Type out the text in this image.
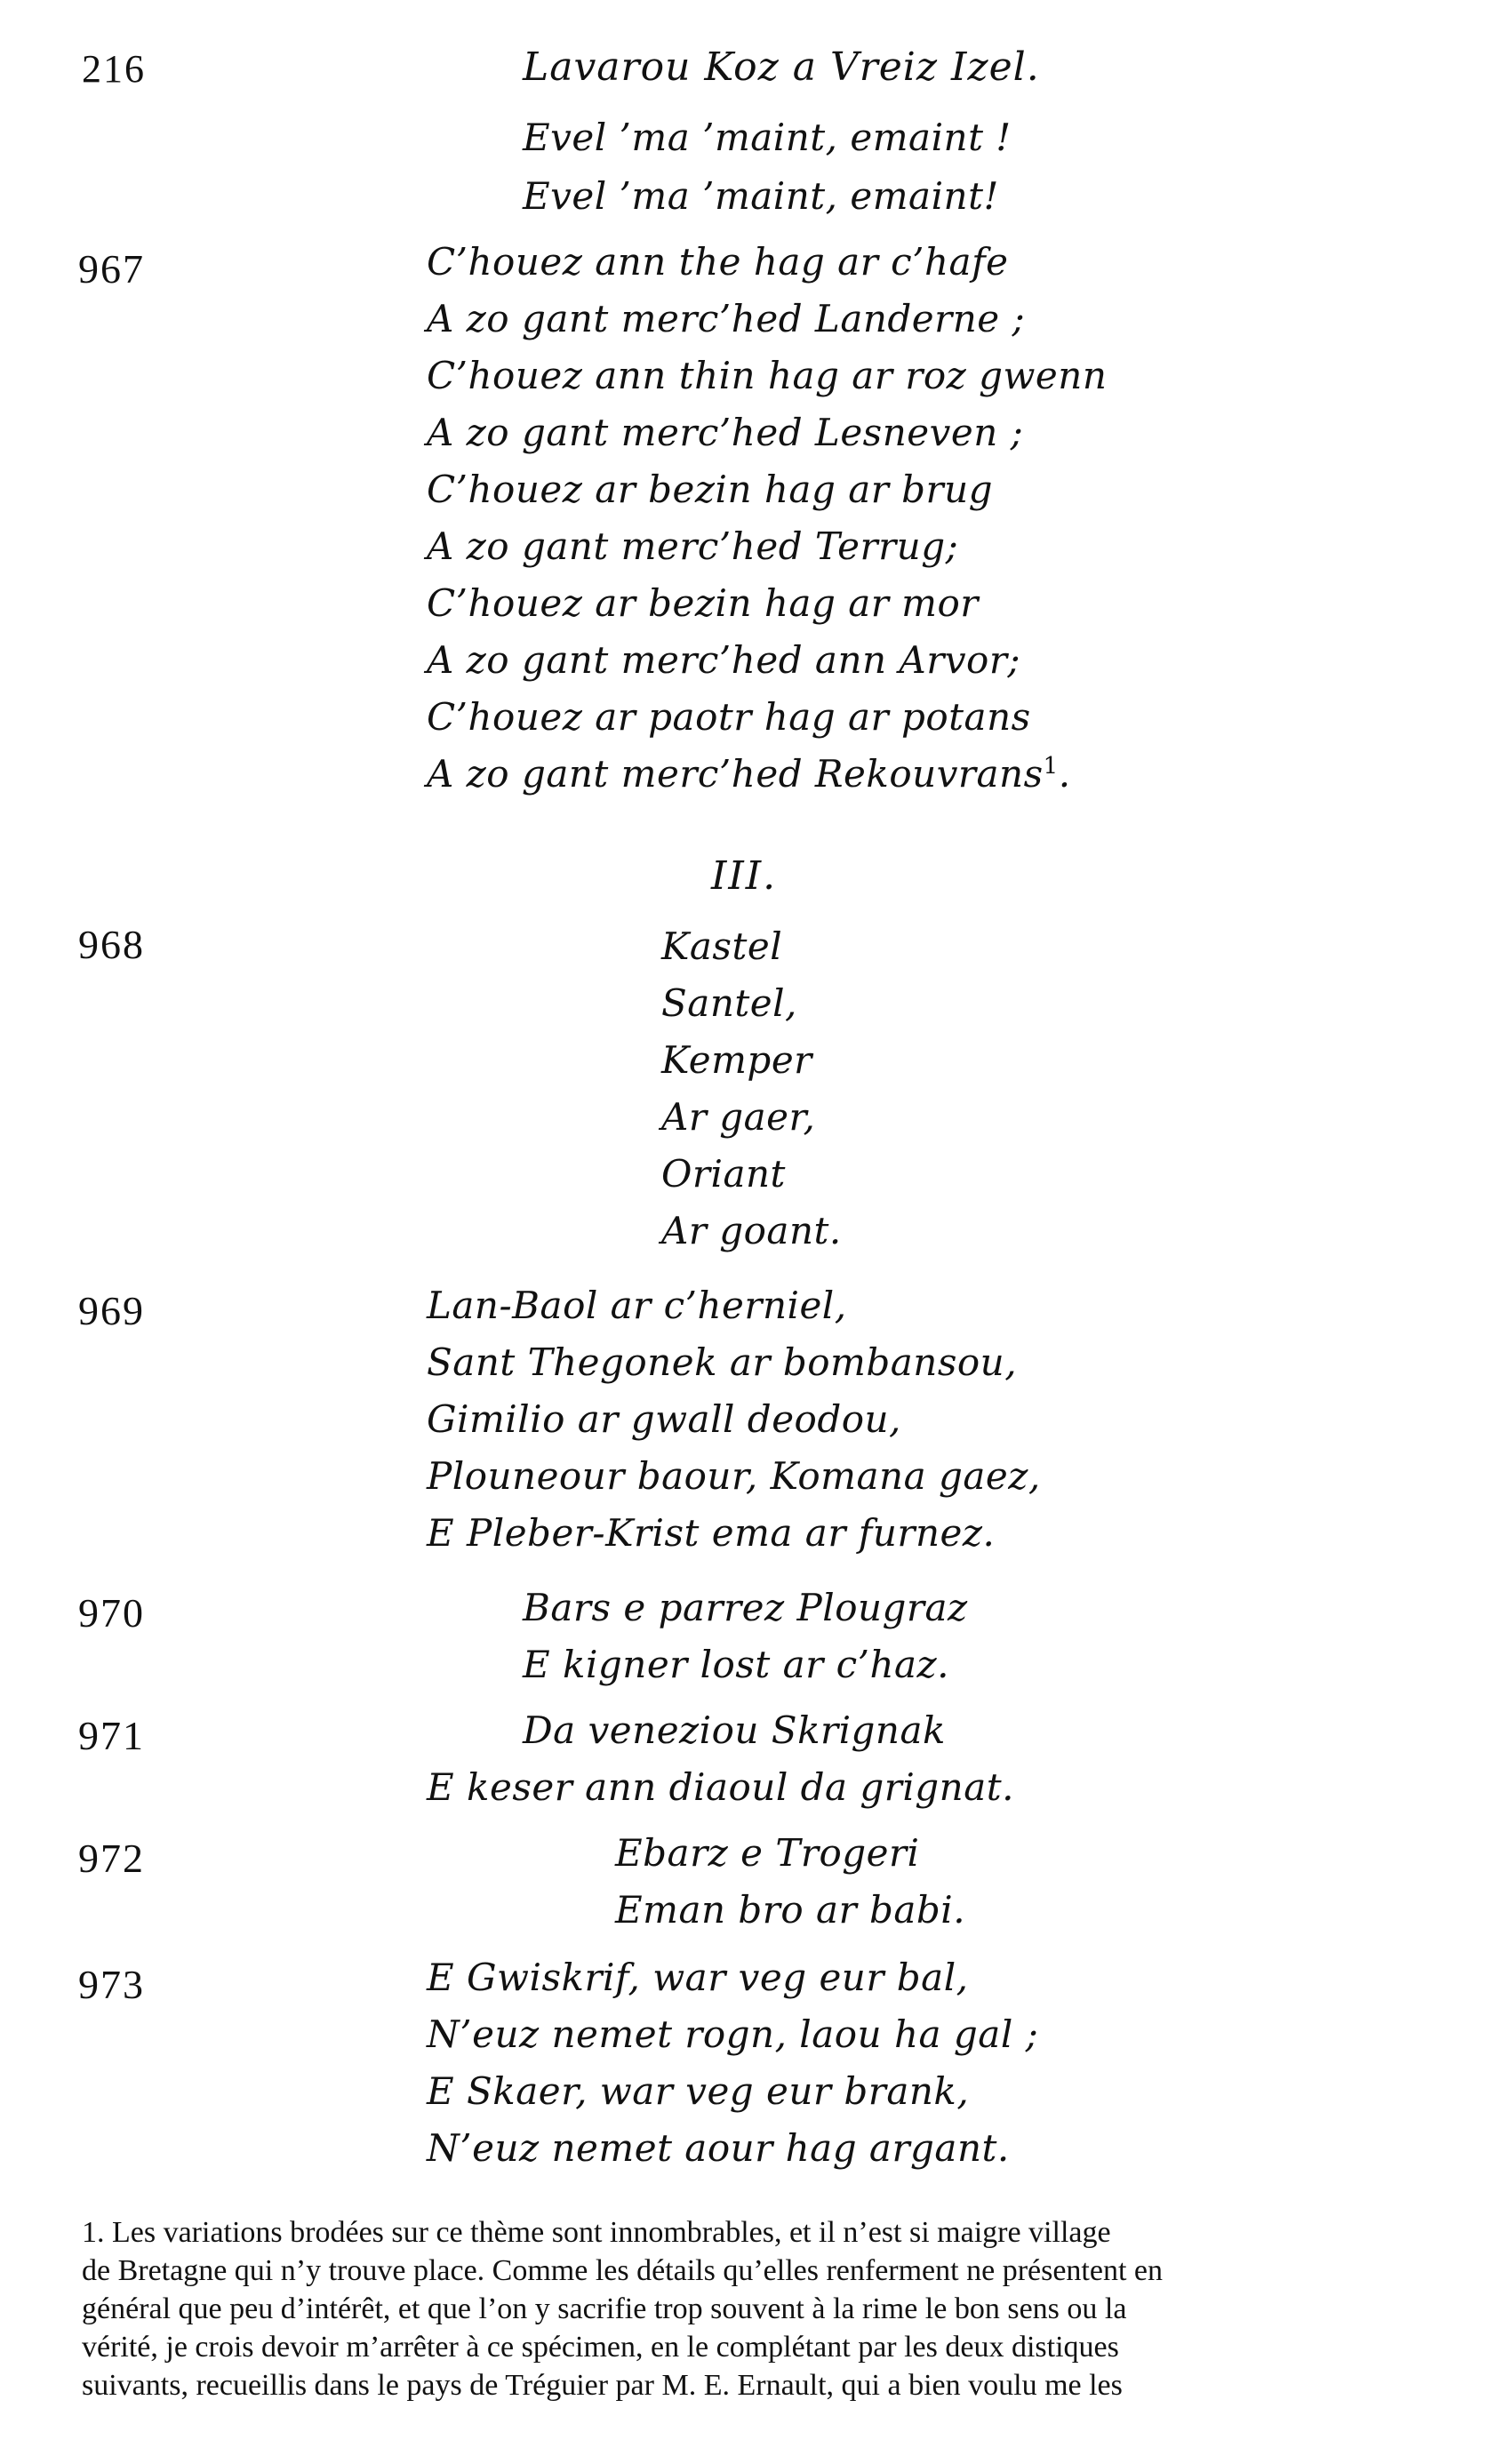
216	Lavarou Koz a Vreiz Izel.
Evel ’ma ’maint, emaint !
Evel ’ma ’maint, emaint!
967	C’houez ann the hag ar c’hafe
A zo gant merc’hed Landerne ;
C’houez ann thin hag ar roz gwenn
A zo gant merc’hed Lesneven ;
C’houez ar bezin hag ar brug
A zo gant merc’hed Terrug;
C’houez ar bezin hag ar mor
A zo gant merc’hed ann Arvor;
C’houez ar paotr hag ar potans
A zo gant merc’hed Rekouvrans$^1$.
III.
968	Kastel
Santel,
Kemper
Ar gaer,
Oriant
Ar goant.
969	Lan-Baol ar c’herniel,
Sant Thegonek ar bombansou,
Gimilio ar gwall deodou,
Plouneour baour, Komana gaez,
E Pleber-Krist ema ar furnez.
970	Bars e parrez Plougraz
E kigner lost ar c’haz.
971	Da veneziou Skrignak
E keser ann diaoul da grignat.
972	Ebarz e Trogeri
Eman bro ar babi.
973	E Gwiskrif, war veg eur bal,
N’euz nemet rogn, laou ha gal ;
E Skaer, war veg eur brank,
N’euz nemet aour hag argant.
1. Les variations brodées sur ce thème sont innombrables, et il n’est si maigre village
de Bretagne qui n’y trouve place. Comme les détails qu’elles renferment ne présentent en
général que peu d’intérêt, et que l’on y sacrifie trop souvent à la rime le bon sens ou la
vérité, je crois devoir m’arrêter à ce spécimen, en le complétant par les deux distiques
suivants, recueillis dans le pays de Tréguier par M. E. Ernault, qui a bien voulu me les
